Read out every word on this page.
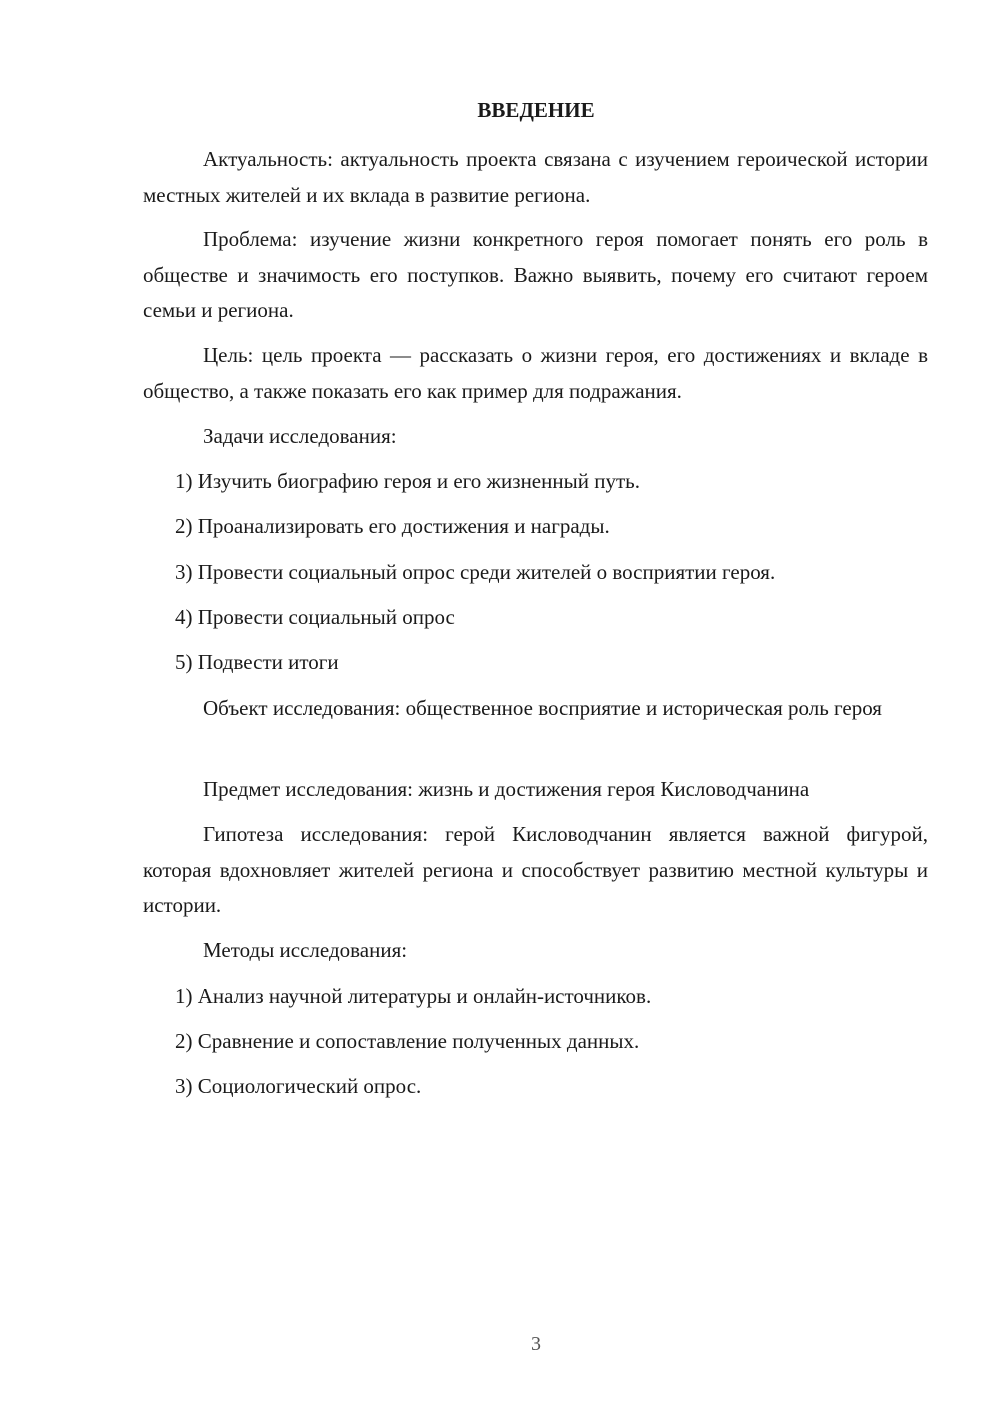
ВВЕДЕНИЕ

Актуальность: актуальность проекта связана с изучением героической истории местных жителей и их вклада в развитие региона.

Проблема: изучение жизни конкретного героя помогает понять его роль в обществе и значимость его поступков. Важно выявить, почему его считают героем семьи и региона.

Цель: цель проекта — рассказать о жизни героя, его достижениях и вкладе в общество, а также показать его как пример для подражания.

Задачи исследования:

1) Изучить биографию героя и его жизненный путь.
2) Проанализировать его достижения и награды.
3) Провести социальный опрос среди жителей о восприятии героя.
4) Провести социальный опрос
5) Подвести итоги

Объект исследования: общественное восприятие и историческая роль героя

Предмет исследования: жизнь и достижения героя Кисловодчанина

Гипотеза исследования: герой Кисловодчанин является важной фигурой, которая вдохновляет жителей региона и способствует развитию местной культуры и истории.

Методы исследования:

1) Анализ научной литературы и онлайн-источников.
2) Сравнение и сопоставление полученных данных.
3) Социологический опрос.
3
